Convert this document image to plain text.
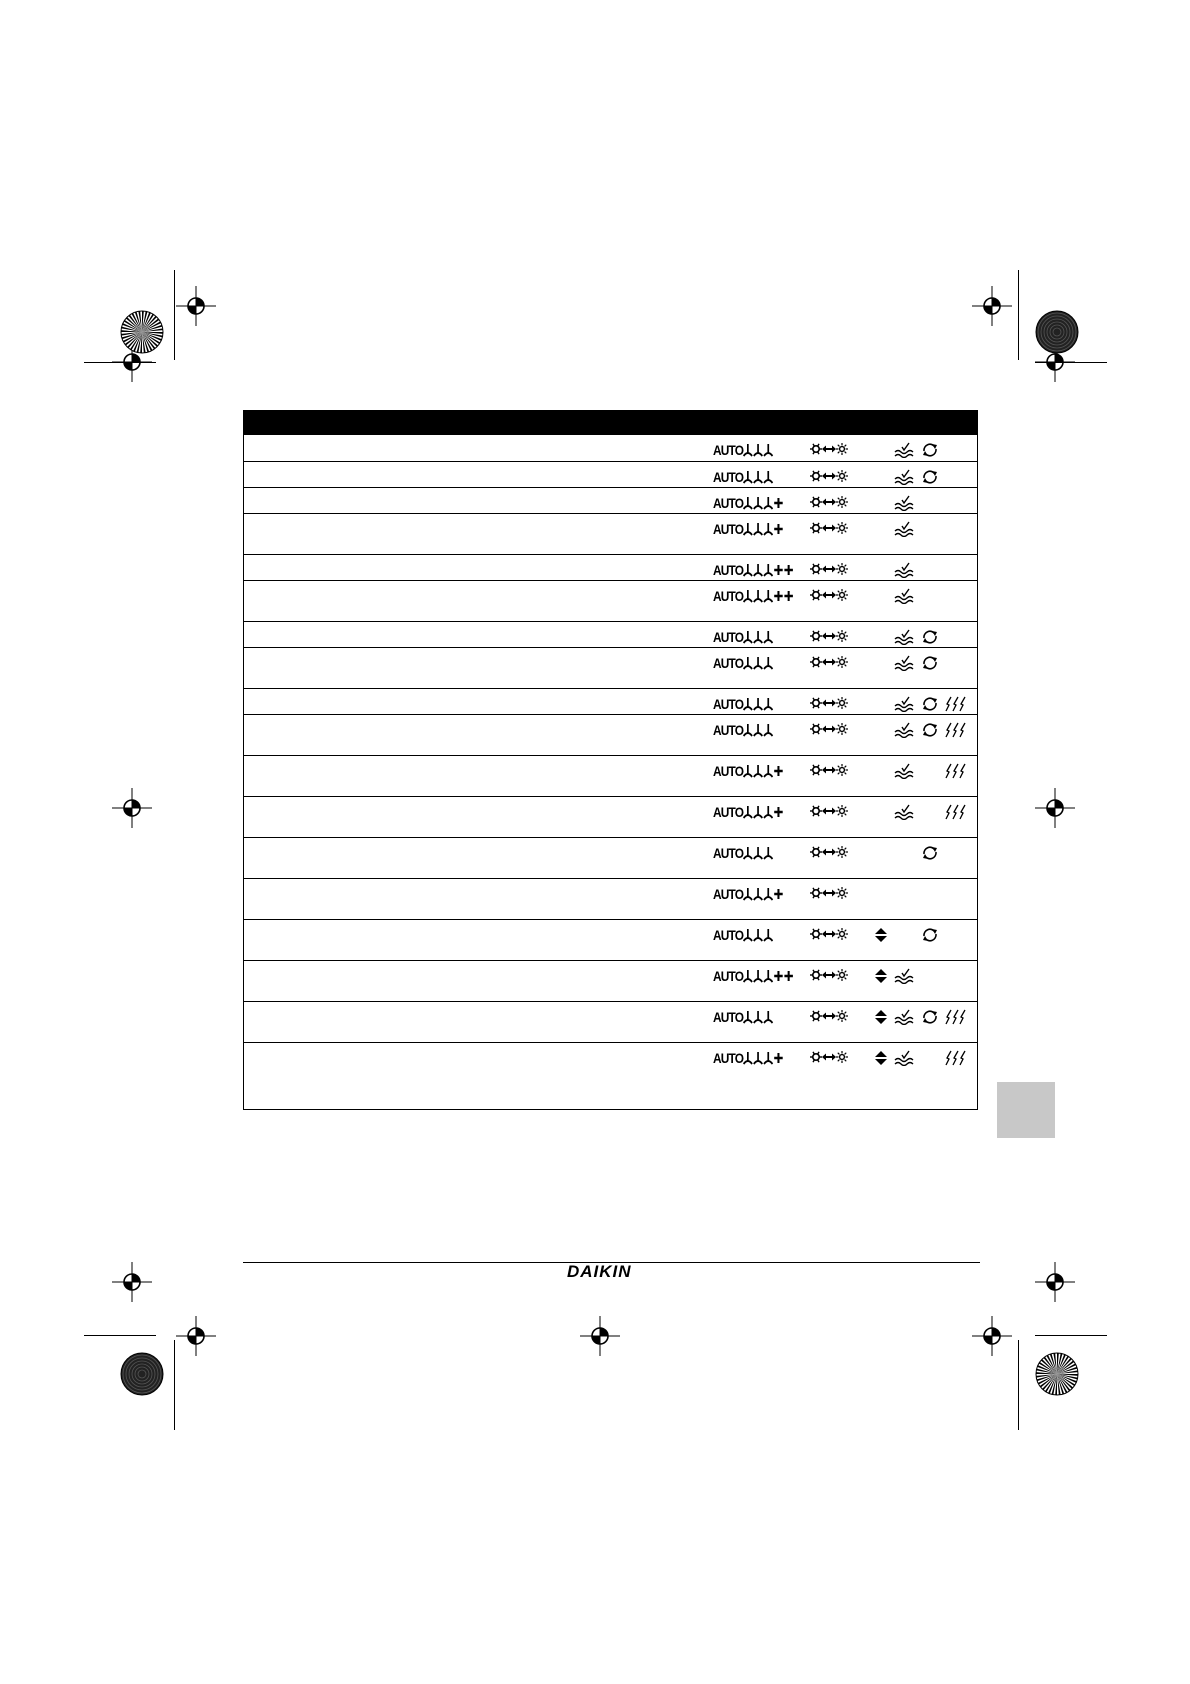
AUTO
AUTO
AUTO
AUTO
AUTO
AUTO
AUTO
AUTO
AUTO
AUTO
AUTO
AUTO
AUTO
AUTO
AUTO
AUTO
AUTO
AUTO
DAIKIN
